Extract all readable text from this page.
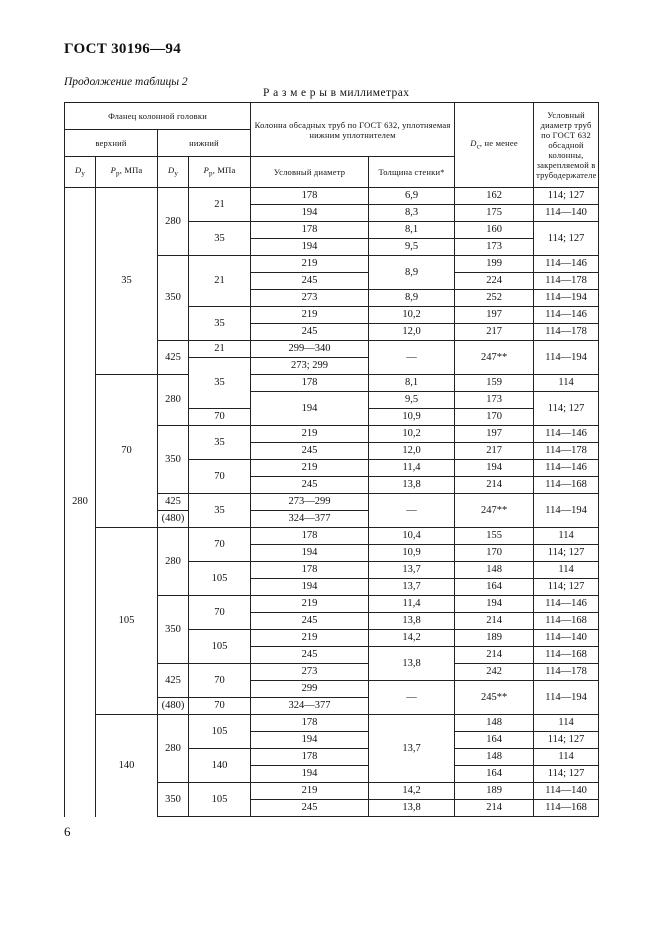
ГОСТ 30196—94
Продолжение таблицы 2
Р а з м е р ы в миллиметрах
Фланец колонной головки				Колонна обсадных труб по ГОСТ 632, уплотняемая нижним уплотнителем		$D_c$, не менее	Условный диаметр труб по ГОСТ 632 обсадной колонны, закрепляемой в трубодержателе
верхний		нижний					
$D_y$	$P_p$, МПа	$D_y$	$P_p$, МПа	Условный диаметр	Толщина стенки*		
280	35	280	21	178	6,9	162	114; 127
				194	8,3	175	114—140
			35	178	8,1	160	114; 127
				194	9,5	173	
		350	21	219	8,9	199	114—146
				245		224	114—178
				273	8,9	252	114—194
			35	219	10,2	197	114—146
				245	12,0	217	114—178
		425	21	299—340	—	247**	114—194
			35	273; 299			
	70	280		178	8,1	159	114
				194	9,5	173	114; 127
			70		10,9	170	
		350	35	219	10,2	197	114—146
				245	12,0	217	114—178
			70	219	11,4	194	114—146
				245	13,8	214	114—168
		425	35	273—299	—	247**	114—194
		(480)		324—377			
	105	280	70	178	10,4	155	114
				194	10,9	170	114; 127
			105	178	13,7	148	114
				194	13,7	164	114; 127
		350	70	219	11,4	194	114—146
				245	13,8	214	114—168
			105	219	14,2	189	114—140
				245	13,8	214	114—168
		425	70	273		242	114—178
				299	—	245**	114—194
		(480)	70	324—377			
	140	280	105	178	13,7	148	114
				194		164	114; 127
			140	178		148	114
				194		164	114; 127
		350	105	219	14,2	189	114—140
				245	13,8	214	114—168
6
